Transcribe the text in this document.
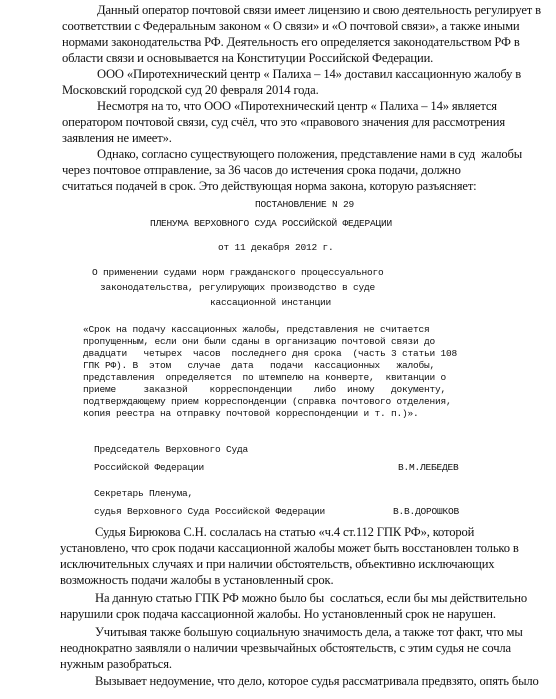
Данный оператор почтовой связи имеет лицензию и свою деятельность регулирует в
соответствии с Федеральным законом « О связи» и «О почтовой связи», а также иными
нормами законодательства РФ. Деятельность его определяется законодательством РФ в
области связи и основывается на Конституции Российской Федерации.
ООО «Пиротехнический центр « Палиха – 14» доставил кассационную жалобу в
Московский городской суд 20 февраля 2014 года.
Несмотря на то, что ООО «Пиротехнический центр « Палиха – 14» является
оператором почтовой связи, суд счёл, что это «правового значения для рассмотрения
заявления не имеет».
Однако, согласно существующего положения, представление нами в суд  жалобы
через почтовое отправление, за 36 часов до истечения срока подачи, должно
считаться подачей в срок. Это действующая норма закона, которую разъясняет:
ПОСТАНОВЛЕНИЕ N 29
ПЛЕНУМА ВЕРХОВНОГО СУДА РОССИЙСКОЙ ФЕДЕРАЦИИ
от 11 декабря 2012 г.
О применении судами норм гражданского процессуального
законодательства, регулирующих производство в суде
кассационной инстанции
«Срок на подачу кассационных жалобы, представления не считается
пропущенным, если они были сданы в организацию почтовой связи до
двадцати   четырех  часов  последнего дня срока  (часть 3 статьи 108
ГПК РФ). В  этом   случае  дата   подачи  кассационных   жалобы,
представления  определяется  по штемпелю на конверте,  квитанции о
приеме     заказной    корреспонденции    либо  иному   документу,
подтверждающему прием корреспонденции (справка почтового отделения,
копия реестра на отправку почтовой корреспонденции и т. п.)».
Председатель Верховного Суда
Российской Федерации	В.М.ЛЕБЕДЕВ
Секретарь Пленума,
судья Верховного Суда Российской Федерации	В.В.ДОРОШКОВ
Судья Бирюкова С.Н. сослалась на статью «ч.4 ст.112 ГПК РФ», которой
установлено, что срок подачи кассационной жалобы может быть восстановлен только в
исключительных случаях и при наличии обстоятельств, объективно исключающих
возможность подачи жалобы в установленный срок.
На данную статью ГПК РФ можно было бы  сослаться, если бы мы действительно
нарушили срок подача кассационной жалобы. Но установленный срок не нарушен.
Учитывая также большую социальную значимость дела, а также тот факт, что мы
неоднократно заявляли о наличии чрезвычайных обстоятельств, с этим судья не сочла
нужным разобраться.
Вызывает недоумение, что дело, которое судья рассматривала предвзято, опять было
